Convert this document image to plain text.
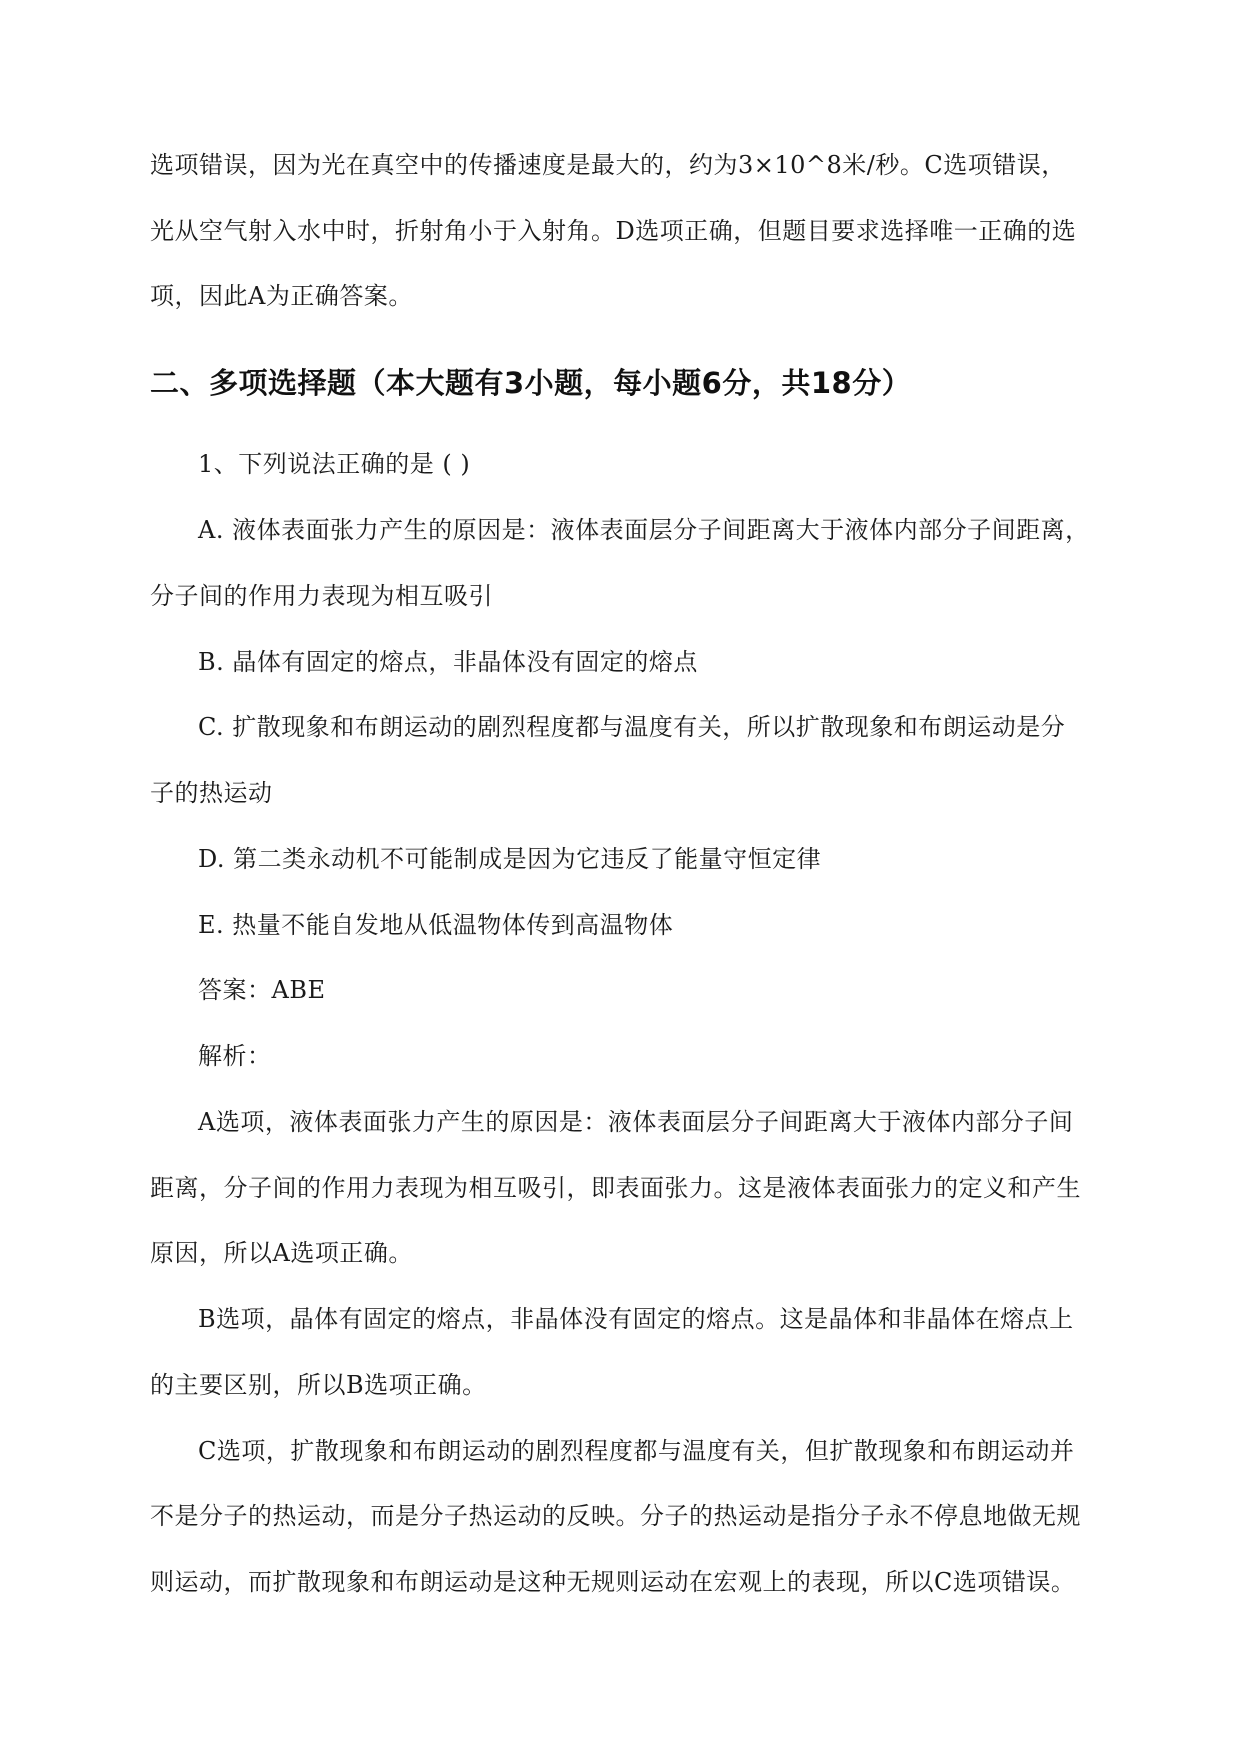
选项错误，因为光在真空中的传播速度是最大的，约为3×10^8米/秒。C选项错误，
光从空气射入水中时，折射角小于入射角。D选项正确，但题目要求选择唯一正确的选
项，因此A为正确答案。
二、多项选择题（本大题有3小题，每小题6分，共18分）
1、下列说法正确的是 ( )
A. 液体表面张力产生的原因是：液体表面层分子间距离大于液体内部分子间距离，
分子间的作用力表现为相互吸引
B. 晶体有固定的熔点，非晶体没有固定的熔点
C. 扩散现象和布朗运动的剧烈程度都与温度有关，所以扩散现象和布朗运动是分
子的热运动
D. 第二类永动机不可能制成是因为它违反了能量守恒定律
E. 热量不能自发地从低温物体传到高温物体
答案：ABE
解析：
A选项，液体表面张力产生的原因是：液体表面层分子间距离大于液体内部分子间
距离，分子间的作用力表现为相互吸引，即表面张力。这是液体表面张力的定义和产生
原因，所以A选项正确。
B选项，晶体有固定的熔点，非晶体没有固定的熔点。这是晶体和非晶体在熔点上
的主要区别，所以B选项正确。
C选项，扩散现象和布朗运动的剧烈程度都与温度有关，但扩散现象和布朗运动并
不是分子的热运动，而是分子热运动的反映。分子的热运动是指分子永不停息地做无规
则运动，而扩散现象和布朗运动是这种无规则运动在宏观上的表现，所以C选项错误。
